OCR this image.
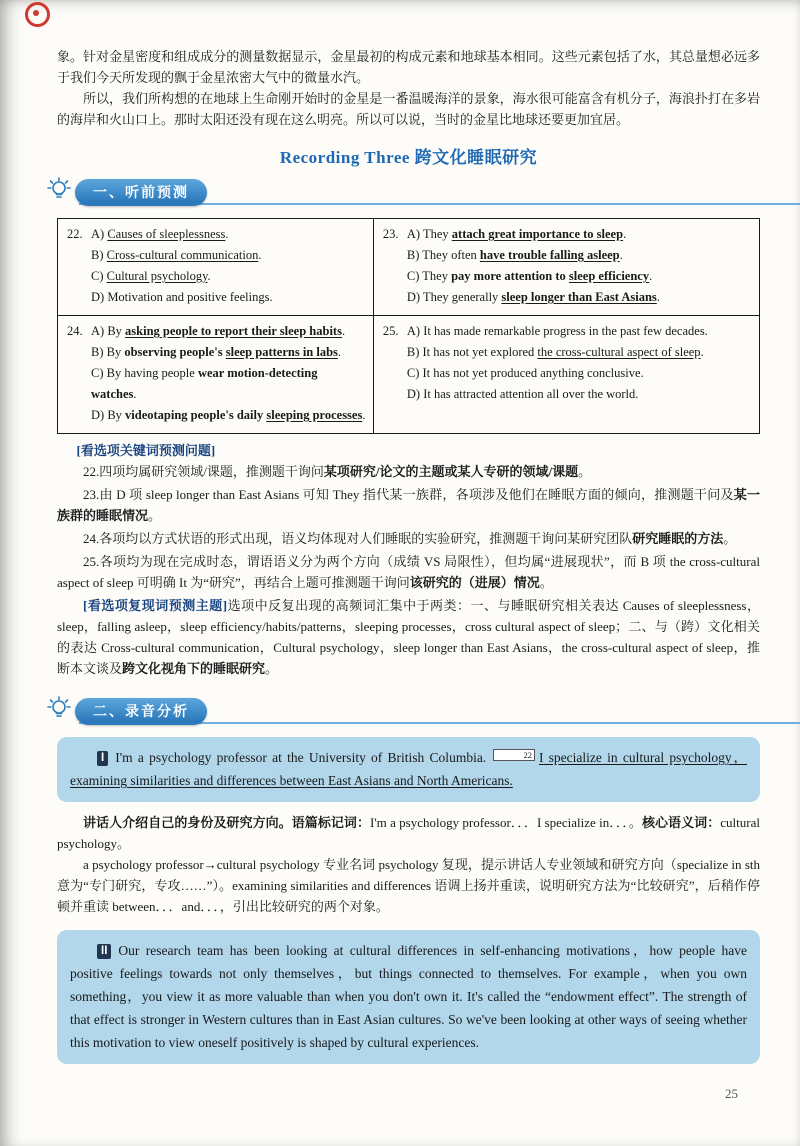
象。针对金星密度和组成成分的测量数据显示，金星最初的构成元素和地球基本相同。这些元素包括了水，其总量想必远多于我们今天所发现的飘于金星浓密大气中的微量水汽。

所以，我们所构想的在地球上生命刚开始时的金星是一番温暖海洋的景象，海水很可能富含有机分子，海浪扑打在多岩的海岸和火山口上。那时太阳还没有现在这么明亮。所以可以说，当时的金星比地球还要更加宜居。

Recording Three 跨文化睡眠研究
一、听前预测
22. A) Causes of sleeplessness.
B) Cross-cultural communication.
C) Cultural psychology.
D) Motivation and positive feelings.

23. A) They attach great importance to sleep.
B) They often have trouble falling asleep.
C) They pay more attention to sleep efficiency.
D) They generally sleep longer than East Asians.

24. A) By asking people to report their sleep habits.
B) By observing people's sleep patterns in labs.
C) By having people wear motion-detecting watches.
D) By videotaping people's daily sleeping processes.

25. A) It has made remarkable progress in the past few decades.
B) It has not yet explored the cross-cultural aspect of sleep.
C) It has not yet produced anything conclusive.
D) It has attracted attention all over the world.

[看选项关键词预测问题]

22.四项均属研究领域/课题，推测题干询问某项研究/论文的主题或某人专研的领域/课题。

23.由 D 项 sleep longer than East Asians 可知 They 指代某一族群，各项涉及他们在睡眠方面的倾向，推测题干问及某一族群的睡眠情况。

24.各项均以方式状语的形式出现，语义均体现对人们睡眠的实验研究，推测题干询问某研究团队研究睡眠的方法。

25.各项均为现在完成时态，谓语语义分为两个方向（成绩 VS 局限性），但均属“进展现状”，而 B 项 the cross-cultural aspect of sleep 可明确 It 为“研究”，再结合上题可推测题干询问该研究的（进展）情况。

[看选项复现词预测主题]选项中反复出现的高频词汇集中于两类：一、与睡眠研究相关表达 Causes of sleeplessness，sleep，falling asleep，sleep efficiency/habits/patterns，sleeping processes，cross cultural aspect of sleep；二、与（跨）文化相关的表达 Cross-cultural communication，Cultural psychology，sleep longer than East Asians，the cross-cultural aspect of sleep，推断本文谈及跨文化视角下的睡眠研究。

二、录音分析

I I'm a psychology professor at the University of British Columbia.	22 I specialize in cultural psychology，examining similarities and differences between East Asians and North Americans.

讲话人介绍自己的身份及研究方向。语篇标记词：I'm a psychology professor．．．I specialize in．．．。核心语义词：cultural psychology。

a psychology professor→cultural psychology 专业名词 psychology 复现，提示讲话人专业领域和研究方向（specialize in sth 意为“专门研究，专攻……”）。examining similarities and differences 语调上扬并重读，说明研究方法为“比较研究”，后稍作停顿并重读 between．．．and．．．，引出比较研究的两个对象。

II Our research team has been looking at cultural differences in self-enhancing motivations，how people have positive feelings towards not only themselves，but things connected to themselves. For example，when you own something，you view it as more valuable than when you don't own it. It's called the “endowment effect”. The strength of that effect is stronger in Western cultures than in East Asian cultures. So we've been looking at other ways of seeing whether this motivation to view oneself positively is shaped by cultural experiences.

25
